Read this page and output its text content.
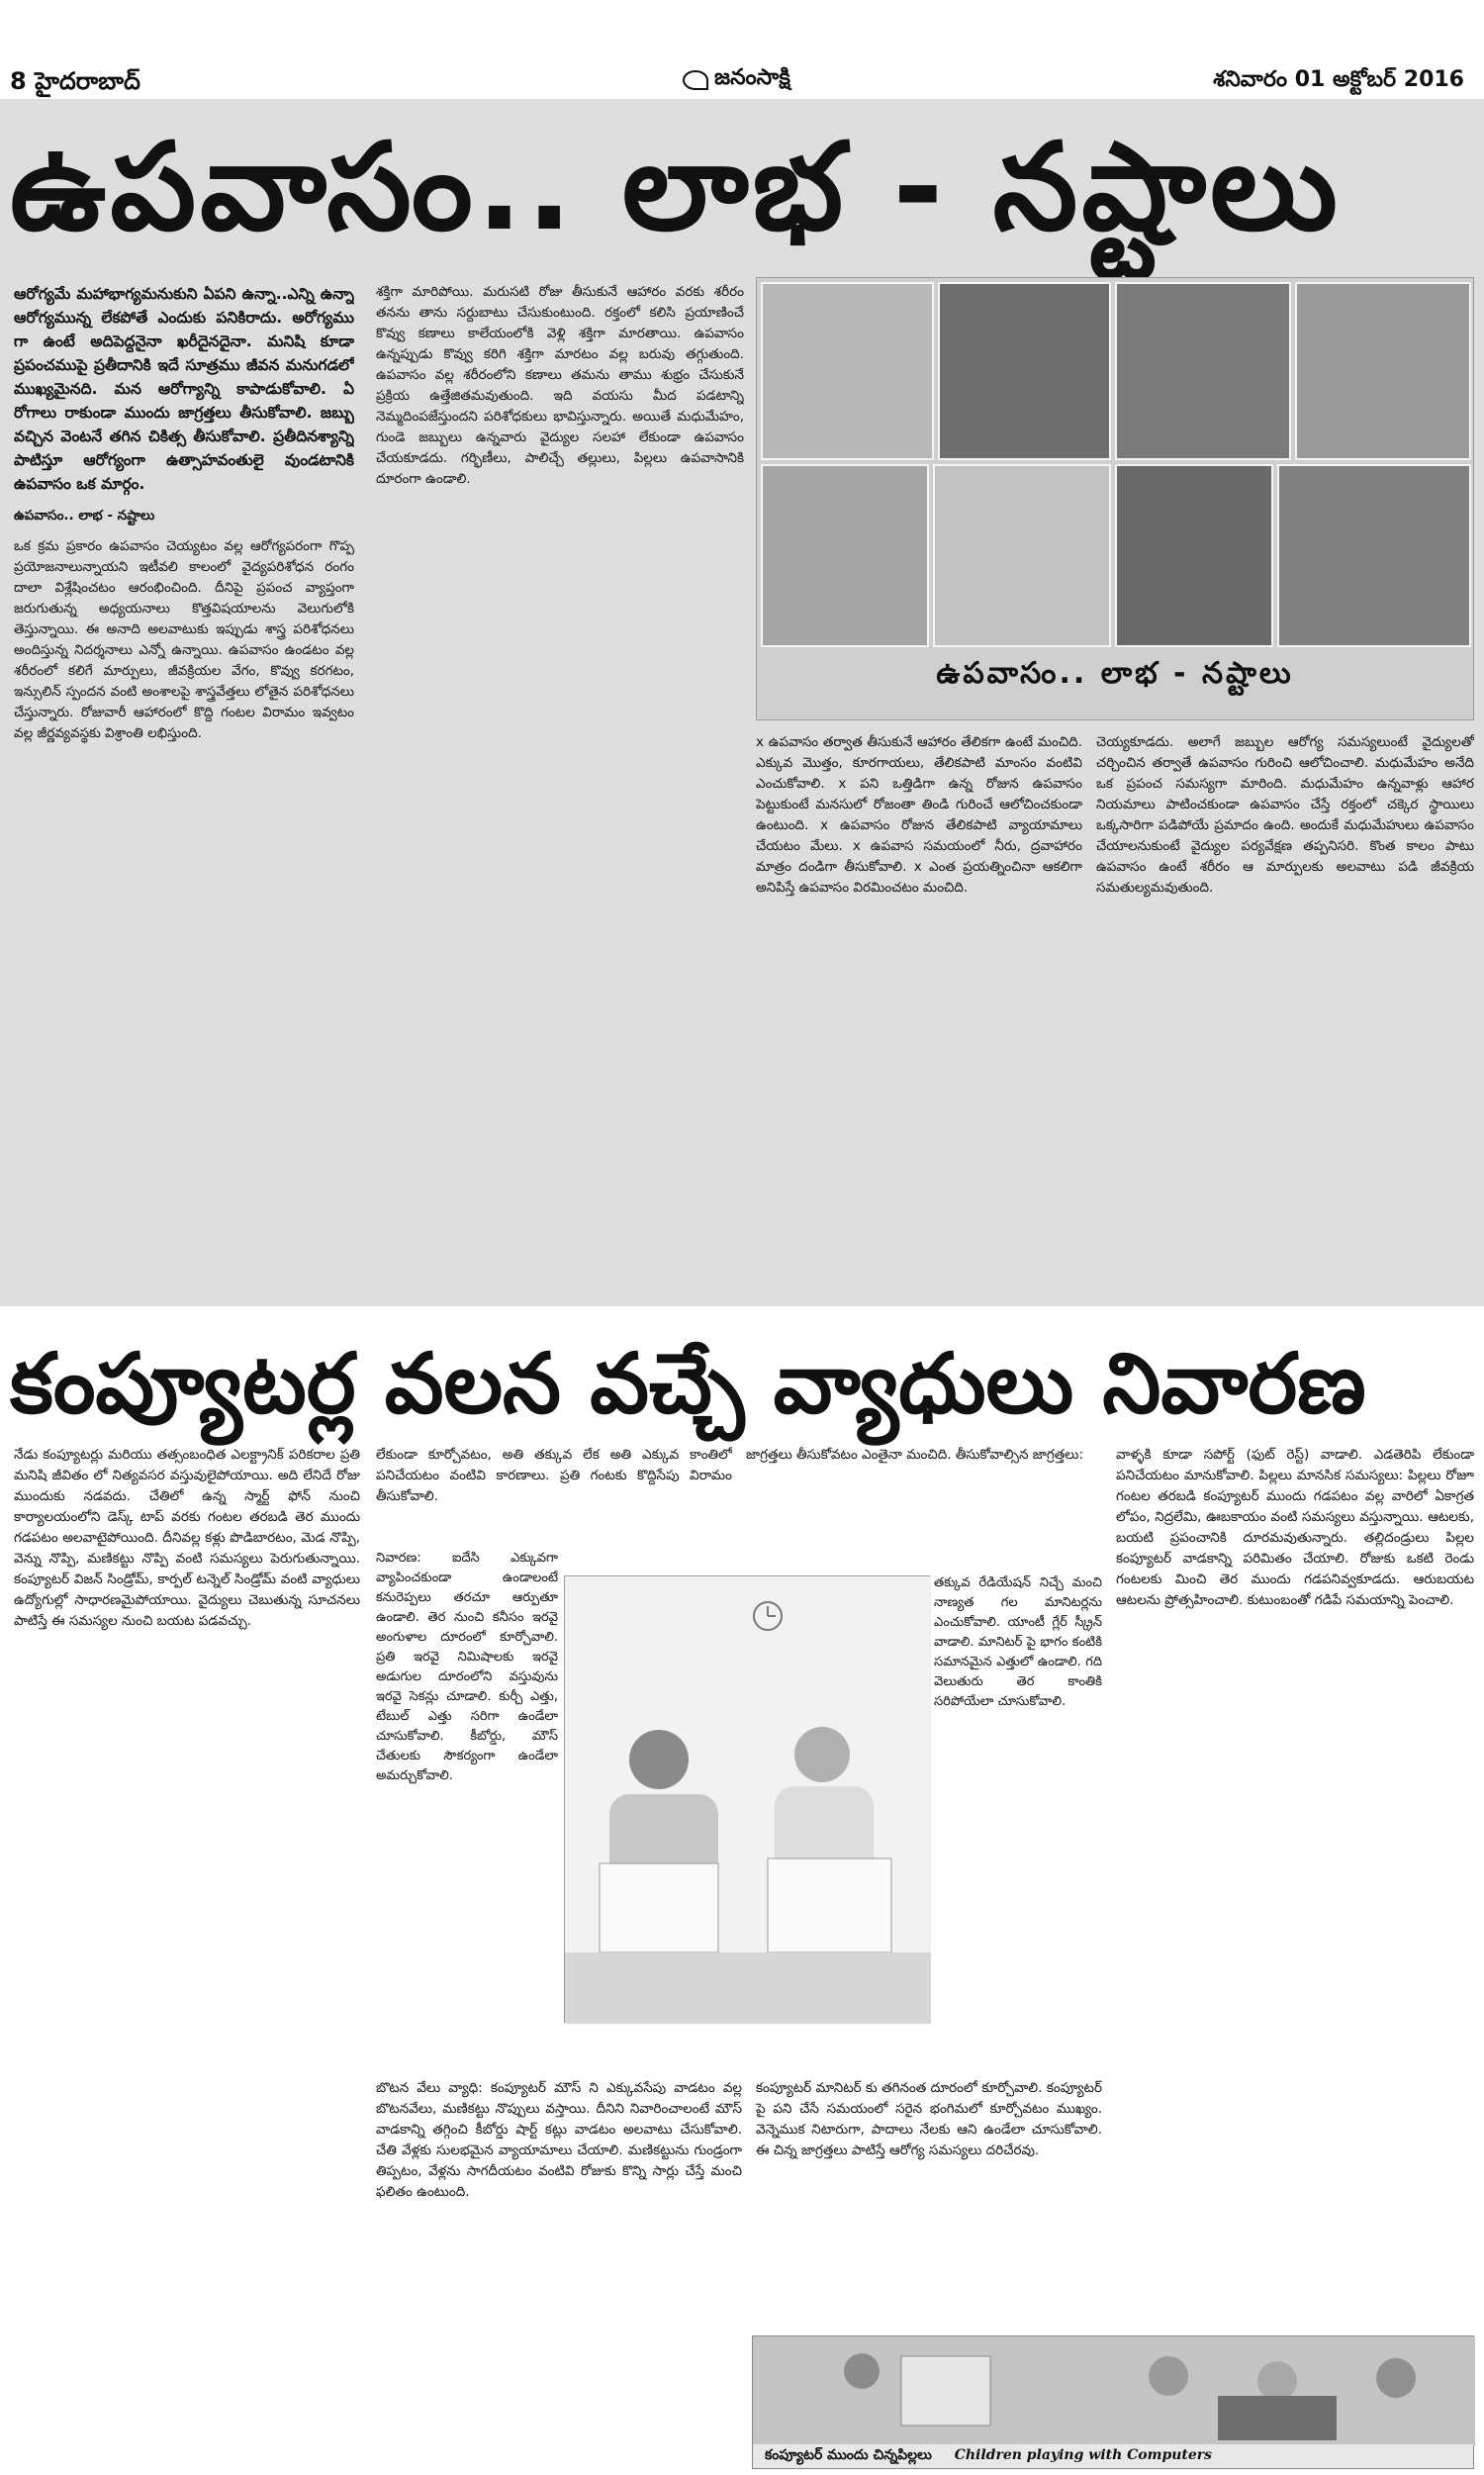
8 హైదరాబాద్	జనంసాక్షి	శనివారం 01 అక్టోబర్ 2016
ఉపవాసం.. లాభ - నష్టాలు

ఆరోగ్యమే మహాభాగ్యమనుకుని ఏపని ఉన్నా..ఎన్ని ఉన్నా ఆరోగ్యమున్న లేకపోతే ఎందుకు పనికిరాదు. అరోగ్యము గా ఉంటే అదిపెద్దనైనా ఖరీదైనదైనా. మనిషి కూడా ప్రపంచముపై ప్రతీదానికి ఇదే సూత్రము జీవన మనుగడలో ముఖ్యమైనది. మన ఆరోగ్యాన్ని కాపాడుకోవాలి. ఏ రోగాలు రాకుండా ముందు జాగ్రత్తలు తీసుకోవాలి. జబ్బు వచ్చిన వెంటనే తగిన చికిత్స తీసుకోవాలి. ప్రతీదినశ్యాన్ని పాటిస్తూ ఆరోగ్యంగా ఉత్సాహవంతులై వుండటానికి ఉపవాసం ఒక మార్గం.

ఉపవాసం.. లాభ - నష్టాలు

ఒక క్రమ ప్రకారం ఉపవాసం చెయ్యటం వల్ల ఆరోగ్యపరంగా గొప్ప ప్రయోజనాలున్నాయని ఇటీవలి కాలంలో వైద్యపరిశోధన రంగం దాలా విశ్లేషించటం ఆరంభించింది. దీనిపై ప్రపంచ వ్యాప్తంగా జరుగుతున్న అధ్యయనాలు కొత్తవిషయాలను వెలుగులోకి తెస్తున్నాయి. ఈ అనాది అలవాటుకు ఇప్పుడు శాస్త్ర పరిశోధనలు అందిస్తున్న నిదర్శనాలు ఎన్నో ఉన్నాయి. ఉపవాసం ఉండటం వల్ల శరీరంలో కలిగే మార్పులు, జీవక్రియల వేగం, కొవ్వు కరగటం, ఇన్సులిన్ స్పందన వంటి అంశాలపై శాస్త్రవేత్తలు లోతైన పరిశోధనలు చేస్తున్నారు. రోజువారీ ఆహారంలో కొద్ది గంటల విరామం ఇవ్వటం వల్ల జీర్ణవ్యవస్థకు విశ్రాంతి లభిస్తుంది.

శక్తిగా మారిపోయి. మరుసటి రోజు తీసుకునే ఆహారం వరకు శరీరం తనను తాను సర్దుబాటు చేసుకుంటుంది. రక్తంలో కలిసి ప్రయాణించే కొవ్వు కణాలు కాలేయంలోకి వెళ్లి శక్తిగా మారతాయి. ఉపవాసం ఉన్నప్పుడు కొవ్వు కరిగి శక్తిగా మారటం వల్ల బరువు తగ్గుతుంది. ఉపవాసం వల్ల శరీరంలోని కణాలు తమను తాము శుభ్రం చేసుకునే ప్రక్రియ ఉత్తేజితమవుతుంది. ఇది వయసు మీద పడటాన్ని నెమ్మదింపజేస్తుందని పరిశోధకులు భావిస్తున్నారు. అయితే మధుమేహం, గుండె జబ్బులు ఉన్నవారు వైద్యుల సలహా లేకుండా ఉపవాసం చేయకూడదు. గర్భిణీలు, పాలిచ్చే తల్లులు, పిల్లలు ఉపవాసానికి దూరంగా ఉండాలి.

ఉపవాసం.. లాభ - నష్టాలు

x ఉపవాసం తర్వాత తీసుకునే ఆహారం తేలికగా ఉంటే మంచిది. ఎక్కువ మొత్తం, కూరగాయలు, తేలికపాటి మాంసం వంటివి ఎంచుకోవాలి. x పని ఒత్తిడిగా ఉన్న రోజున ఉపవాసం పెట్టుకుంటే మనసులో రోజంతా తిండి గురించే ఆలోచించకుండా ఉంటుంది. x ఉపవాసం రోజున తేలికపాటి వ్యాయామాలు చేయటం మేలు. x ఉపవాస సమయంలో నీరు, ద్రవాహారం మాత్రం దండిగా తీసుకోవాలి. x ఎంత ప్రయత్నించినా ఆకలిగా అనిపిస్తే ఉపవాసం విరమించటం మంచిది.

చెయ్యకూడదు. అలాగే జబ్బుల ఆరోగ్య సమస్యలుంటే వైద్యులతో చర్చించిన తర్వాతే ఉపవాసం గురించి ఆలోచించాలి. మధుమేహం అనేది ఒక ప్రపంచ సమస్యగా మారింది. మధుమేహం ఉన్నవాళ్లు ఆహార నియమాలు పాటించకుండా ఉపవాసం చేస్తే రక్తంలో చక్కెర స్థాయిలు ఒక్కసారిగా పడిపోయే ప్రమాదం ఉంది. అందుకే మధుమేహులు ఉపవాసం చేయాలనుకుంటే వైద్యుల పర్యవేక్షణ తప్పనిసరి. కొంత కాలం పాటు ఉపవాసం ఉంటే శరీరం ఆ మార్పులకు అలవాటు పడి జీవక్రియ సమతుల్యమవుతుంది.

కంప్యూటర్ల వలన వచ్చే వ్యాధులు నివారణ

నేడు కంప్యూటర్లు మరియు తత్సంబంధిత ఎలక్ట్రానిక్ పరికరాల ప్రతి మనిషి జీవితం లో నిత్యవసర వస్తువులైపోయాయి. అది లేనిదే రోజు ముందుకు నడవదు. చేతిలో ఉన్న స్మార్ట్ ఫోన్ నుంచి కార్యాలయంలోని డెస్క్ టాప్ వరకు గంటల తరబడి తెర ముందు గడపటం అలవాటైపోయింది. దీనివల్ల కళ్లు పొడిబారటం, మెడ నొప్పి, వెన్ను నొప్పి, మణికట్టు నొప్పి వంటి సమస్యలు పెరుగుతున్నాయి. కంప్యూటర్ విజన్ సిండ్రోమ్, కార్పల్ టన్నెల్ సిండ్రోమ్ వంటి వ్యాధులు ఉద్యోగుల్లో సాధారణమైపోయాయి. వైద్యులు చెబుతున్న సూచనలు పాటిస్తే ఈ సమస్యల నుంచి బయట పడవచ్చు.

లేకుండా కూర్చోవటం, అతి తక్కువ లేక అతి ఎక్కువ కాంతిలో పనిచేయటం వంటివి కారణాలు. ప్రతి గంటకు కొద్దిసేపు విరామం తీసుకోవాలి.

నివారణ: ఐదేసి ఎక్కువగా వ్యాపించకుండా ఉండాలంటే కనురెప్పలు తరచూ ఆర్పుతూ ఉండాలి. తెర నుంచి కనీసం ఇరవై అంగుళాల దూరంలో కూర్చోవాలి. ప్రతి ఇరవై నిమిషాలకు ఇరవై అడుగుల దూరంలోని వస్తువును ఇరవై సెకన్లు చూడాలి. కుర్చీ ఎత్తు, టేబుల్ ఎత్తు సరిగా ఉండేలా చూసుకోవాలి. కీబోర్డు, మౌస్ చేతులకు సౌకర్యంగా ఉండేలా అమర్చుకోవాలి.

జాగ్రత్తలు తీసుకోవటం ఎంతైనా మంచిది. తీసుకోవాల్సిన జాగ్రత్తలు:

తక్కువ రేడియేషన్ నిచ్చే మంచి నాణ్యత గల మానిటర్లను ఎంచుకోవాలి. యాంటీ గ్లేర్ స్క్రీన్ వాడాలి. మానిటర్ పై భాగం కంటికి సమానమైన ఎత్తులో ఉండాలి. గది వెలుతురు తెర కాంతికి సరిపోయేలా చూసుకోవాలి.

బొటన వేలు వ్యాధి: కంప్యూటర్ మౌస్ ని ఎక్కువసేపు వాడటం వల్ల బొటనవేలు, మణికట్టు నొప్పులు వస్తాయి. దీనిని నివారించాలంటే మౌస్ వాడకాన్ని తగ్గించి కీబోర్డు షార్ట్ కట్లు వాడటం అలవాటు చేసుకోవాలి. చేతి వేళ్లకు సులభమైన వ్యాయామాలు చేయాలి. మణికట్టును గుండ్రంగా తిప్పటం, వేళ్లను సాగదీయటం వంటివి రోజుకు కొన్ని సార్లు చేస్తే మంచి ఫలితం ఉంటుంది.

కంప్యూటర్ మానిటర్ కు తగినంత దూరంలో కూర్చోవాలి. కంప్యూటర్ పై పని చేసే సమయంలో సరైన భంగిమలో కూర్చోవటం ముఖ్యం. వెన్నెముక నిటారుగా, పాదాలు నేలకు ఆని ఉండేలా చూసుకోవాలి. ఈ చిన్న జాగ్రత్తలు పాటిస్తే ఆరోగ్య సమస్యలు దరిచేరవు.

వాళ్ళకి కూడా సపోర్ట్ (ఫుట్ రెస్ట్) వాడాలి. ఎడతెరిపి లేకుండా పనిచేయటం మానుకోవాలి. పిల్లలు మానసిక సమస్యలు: పిల్లలు రోజూ గంటల తరబడి కంప్యూటర్ ముందు గడపటం వల్ల వారిలో ఏకాగ్రత లోపం, నిద్రలేమి, ఊబకాయం వంటి సమస్యలు వస్తున్నాయి. ఆటలకు, బయటి ప్రపంచానికి దూరమవుతున్నారు. తల్లిదండ్రులు పిల్లల కంప్యూటర్ వాడకాన్ని పరిమితం చేయాలి. రోజుకు ఒకటి రెండు గంటలకు మించి తెర ముందు గడపనివ్వకూడదు. ఆరుబయట ఆటలను ప్రోత్సహించాలి. కుటుంబంతో గడిపే సమయాన్ని పెంచాలి.

కంప్యూటర్ ముందు చిన్నపిల్లలు Children playing with Computers
